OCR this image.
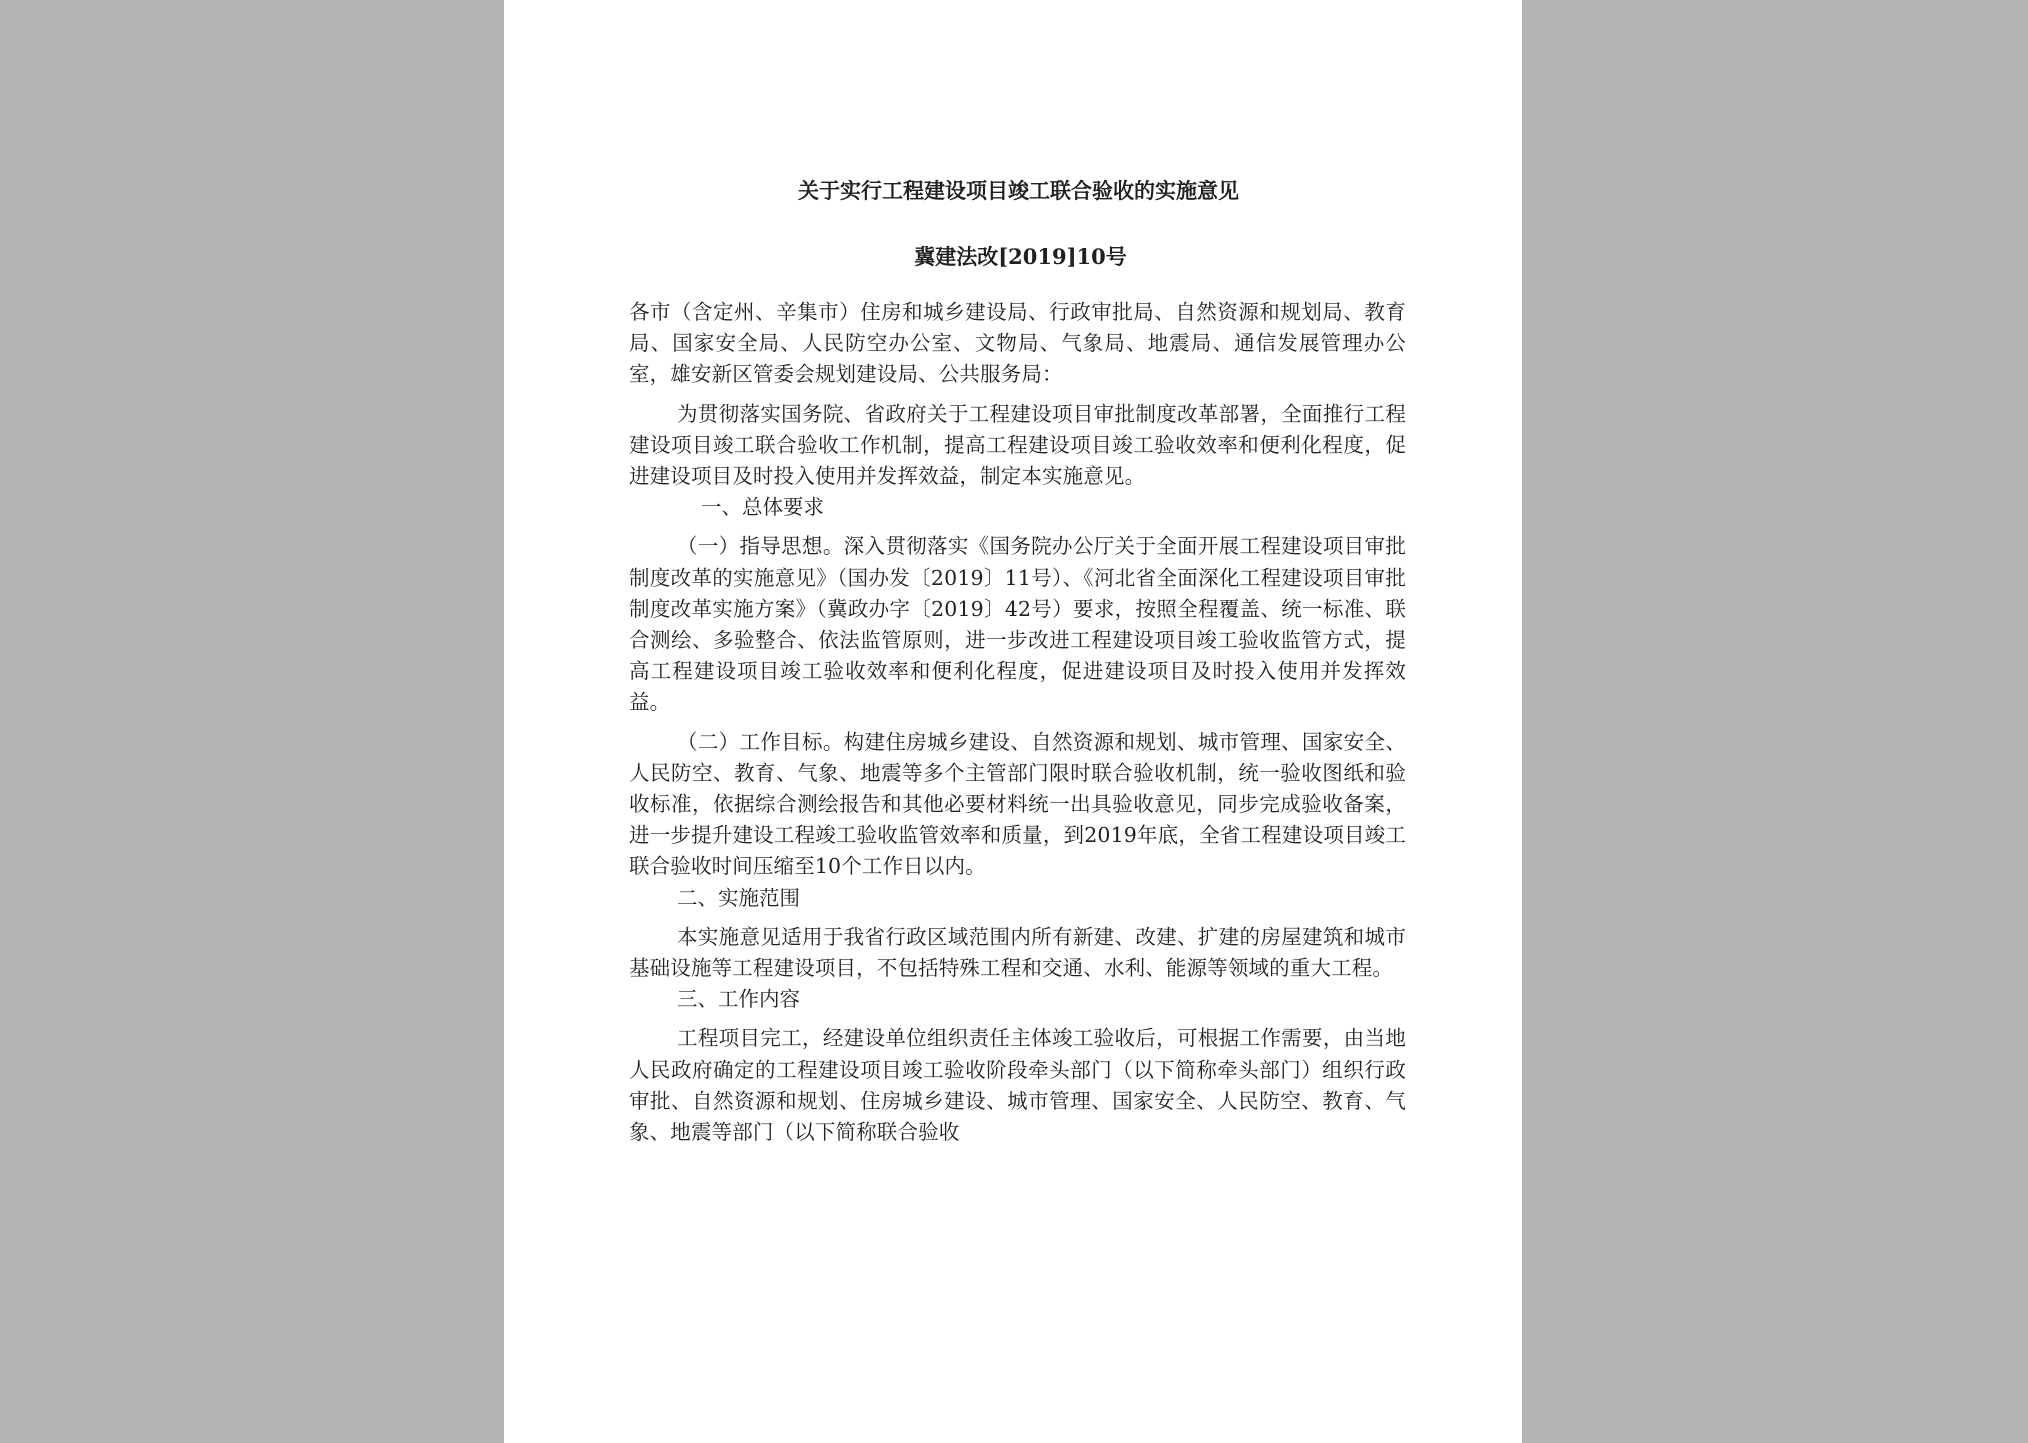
关于实行工程建设项目竣工联合验收的实施意见
冀建法改[2019]10号

各市（含定州、辛集市）住房和城乡建设局、行政审批局、自然资源和规划局、教育局、国家安全局、人民防空办公室、文物局、气象局、地震局、通信发展管理办公室，雄安新区管委会规划建设局、公共服务局：

为贯彻落实国务院、省政府关于工程建设项目审批制度改革部署，全面推行工程建设项目竣工联合验收工作机制，提高工程建设项目竣工验收效率和便利化程度，促进建设项目及时投入使用并发挥效益，制定本实施意见。

一、总体要求

（一）指导思想。深入贯彻落实《国务院办公厅关于全面开展工程建设项目审批制度改革的实施意见》（国办发〔2019〕11号）、《河北省全面深化工程建设项目审批制度改革实施方案》（冀政办字〔2019〕42号）要求，按照全程覆盖、统一标准、联合测绘、多验整合、依法监管原则，进一步改进工程建设项目竣工验收监管方式，提高工程建设项目竣工验收效率和便利化程度，促进建设项目及时投入使用并发挥效益。

（二）工作目标。构建住房城乡建设、自然资源和规划、城市管理、国家安全、人民防空、教育、气象、地震等多个主管部门限时联合验收机制，统一验收图纸和验收标准，依据综合测绘报告和其他必要材料统一出具验收意见，同步完成验收备案，进一步提升建设工程竣工验收监管效率和质量，到2019年底，全省工程建设项目竣工联合验收时间压缩至10个工作日以内。

二、实施范围

本实施意见适用于我省行政区域范围内所有新建、改建、扩建的房屋建筑和城市基础设施等工程建设项目，不包括特殊工程和交通、水利、能源等领域的重大工程。

三、工作内容

工程项目完工，经建设单位组织责任主体竣工验收后，可根据工作需要，由当地人民政府确定的工程建设项目竣工验收阶段牵头部门（以下简称牵头部门）组织行政审批、自然资源和规划、住房城乡建设、城市管理、国家安全、人民防空、教育、气象、地震等部门（以下简称联合验收
